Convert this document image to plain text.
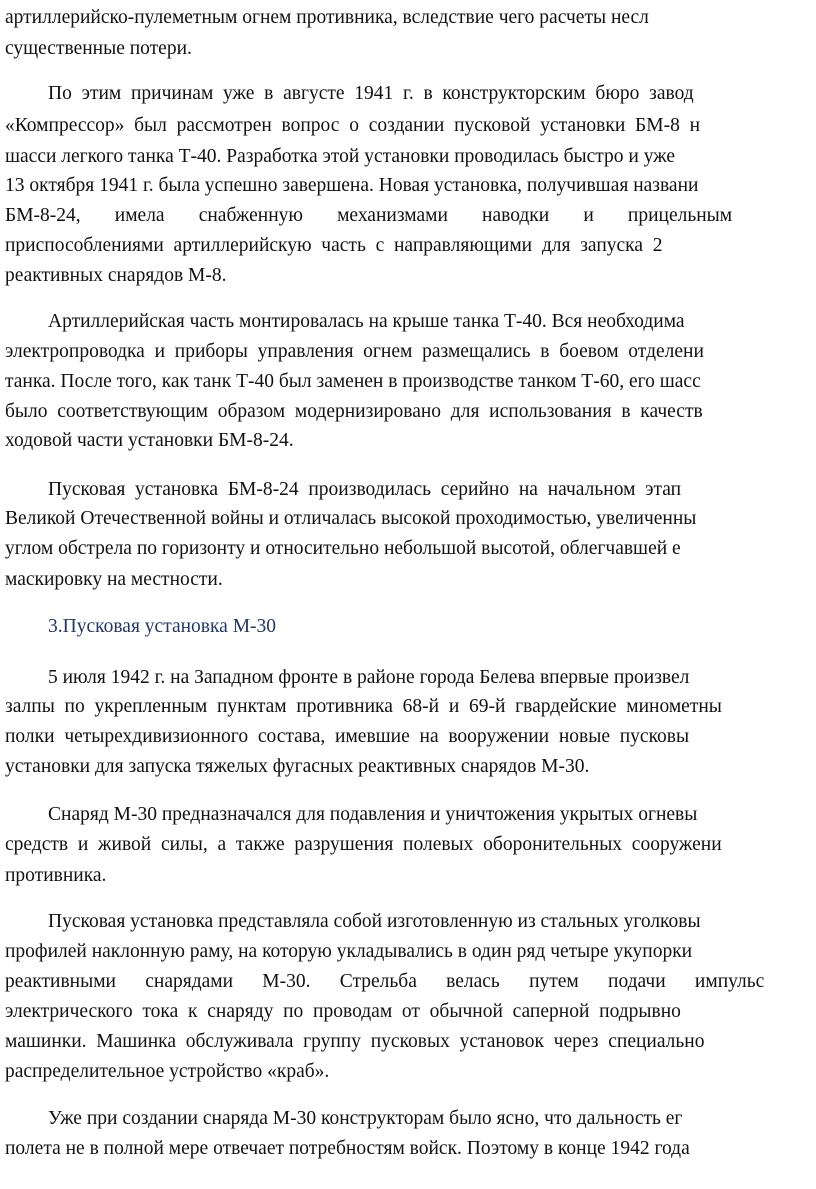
артиллерийско-пулеметным огнем противника, вследствие чего расчеты несл
существенные потери.
По  этим  причинам  уже  в  августе  1941  г.  в  конструкторским  бюро  завод
«Компрессор»  был  рассмотрен  вопрос  о  создании  пусковой  установки  БМ-8  н
шасси легкого танка Т-40. Разработка этой установки проводилась быстро и уже
13 октября 1941 г. была успешно завершена. Новая установка, получившая названи
БМ-8-24,       имела       снабженную       механизмами       наводки       и       прицельным
приспособлениями  артиллерийскую  часть  с  направляющими  для  запуска  2
реактивных снарядов М-8.
Артиллерийская часть монтировалась на крыше танка Т-40. Вся необходима
электропроводка  и  приборы  управления  огнем  размещались  в  боевом  отделени
танка. После того, как танк Т-40 был заменен в производстве танком Т-60, его шасс
было  соответствующим  образом  модернизировано  для  использования  в  качеств
ходовой части установки БМ-8-24.
Пусковая  установка  БМ-8-24  производилась  серийно  на  начальном  этап
Великой Отечественной войны и отличалась высокой проходимостью, увеличенны
углом обстрела по горизонту и относительно небольшой высотой, облегчавшей е
маскировку на местности.
3.Пусковая установка М-30
5 июля 1942 г. на Западном фронте в районе города Белева впервые произвел
залпы  по  укрепленным  пунктам  противника  68-й  и  69-й  гвардейские  минометны
полки  четырехдивизионного  состава,  имевшие  на  вооружении  новые  пусковы
установки для запуска тяжелых фугасных реактивных снарядов М-30.
Снаряд М-30 предназначался для подавления и уничтожения укрытых огневы
средств  и  живой  силы,  а  также  разрушения  полевых  оборонительных  сооружени
противника.
Пусковая установка представляла собой изготовленную из стальных уголковы
профилей наклонную раму, на которую укладывались в один ряд четыре укупорки
реактивными      снарядами      М-30.      Стрельба      велась      путем      подачи      импульс
электрического  тока  к  снаряду  по  проводам  от  обычной  саперной  подрывно
машинки.  Машинка  обслуживала  группу  пусковых  установок  через  специально
распределительное устройство «краб».
Уже при создании снаряда М-30 конструкторам было ясно, что дальность ег
полета не в полной мере отвечает потребностям войск. Поэтому в конце 1942 года
